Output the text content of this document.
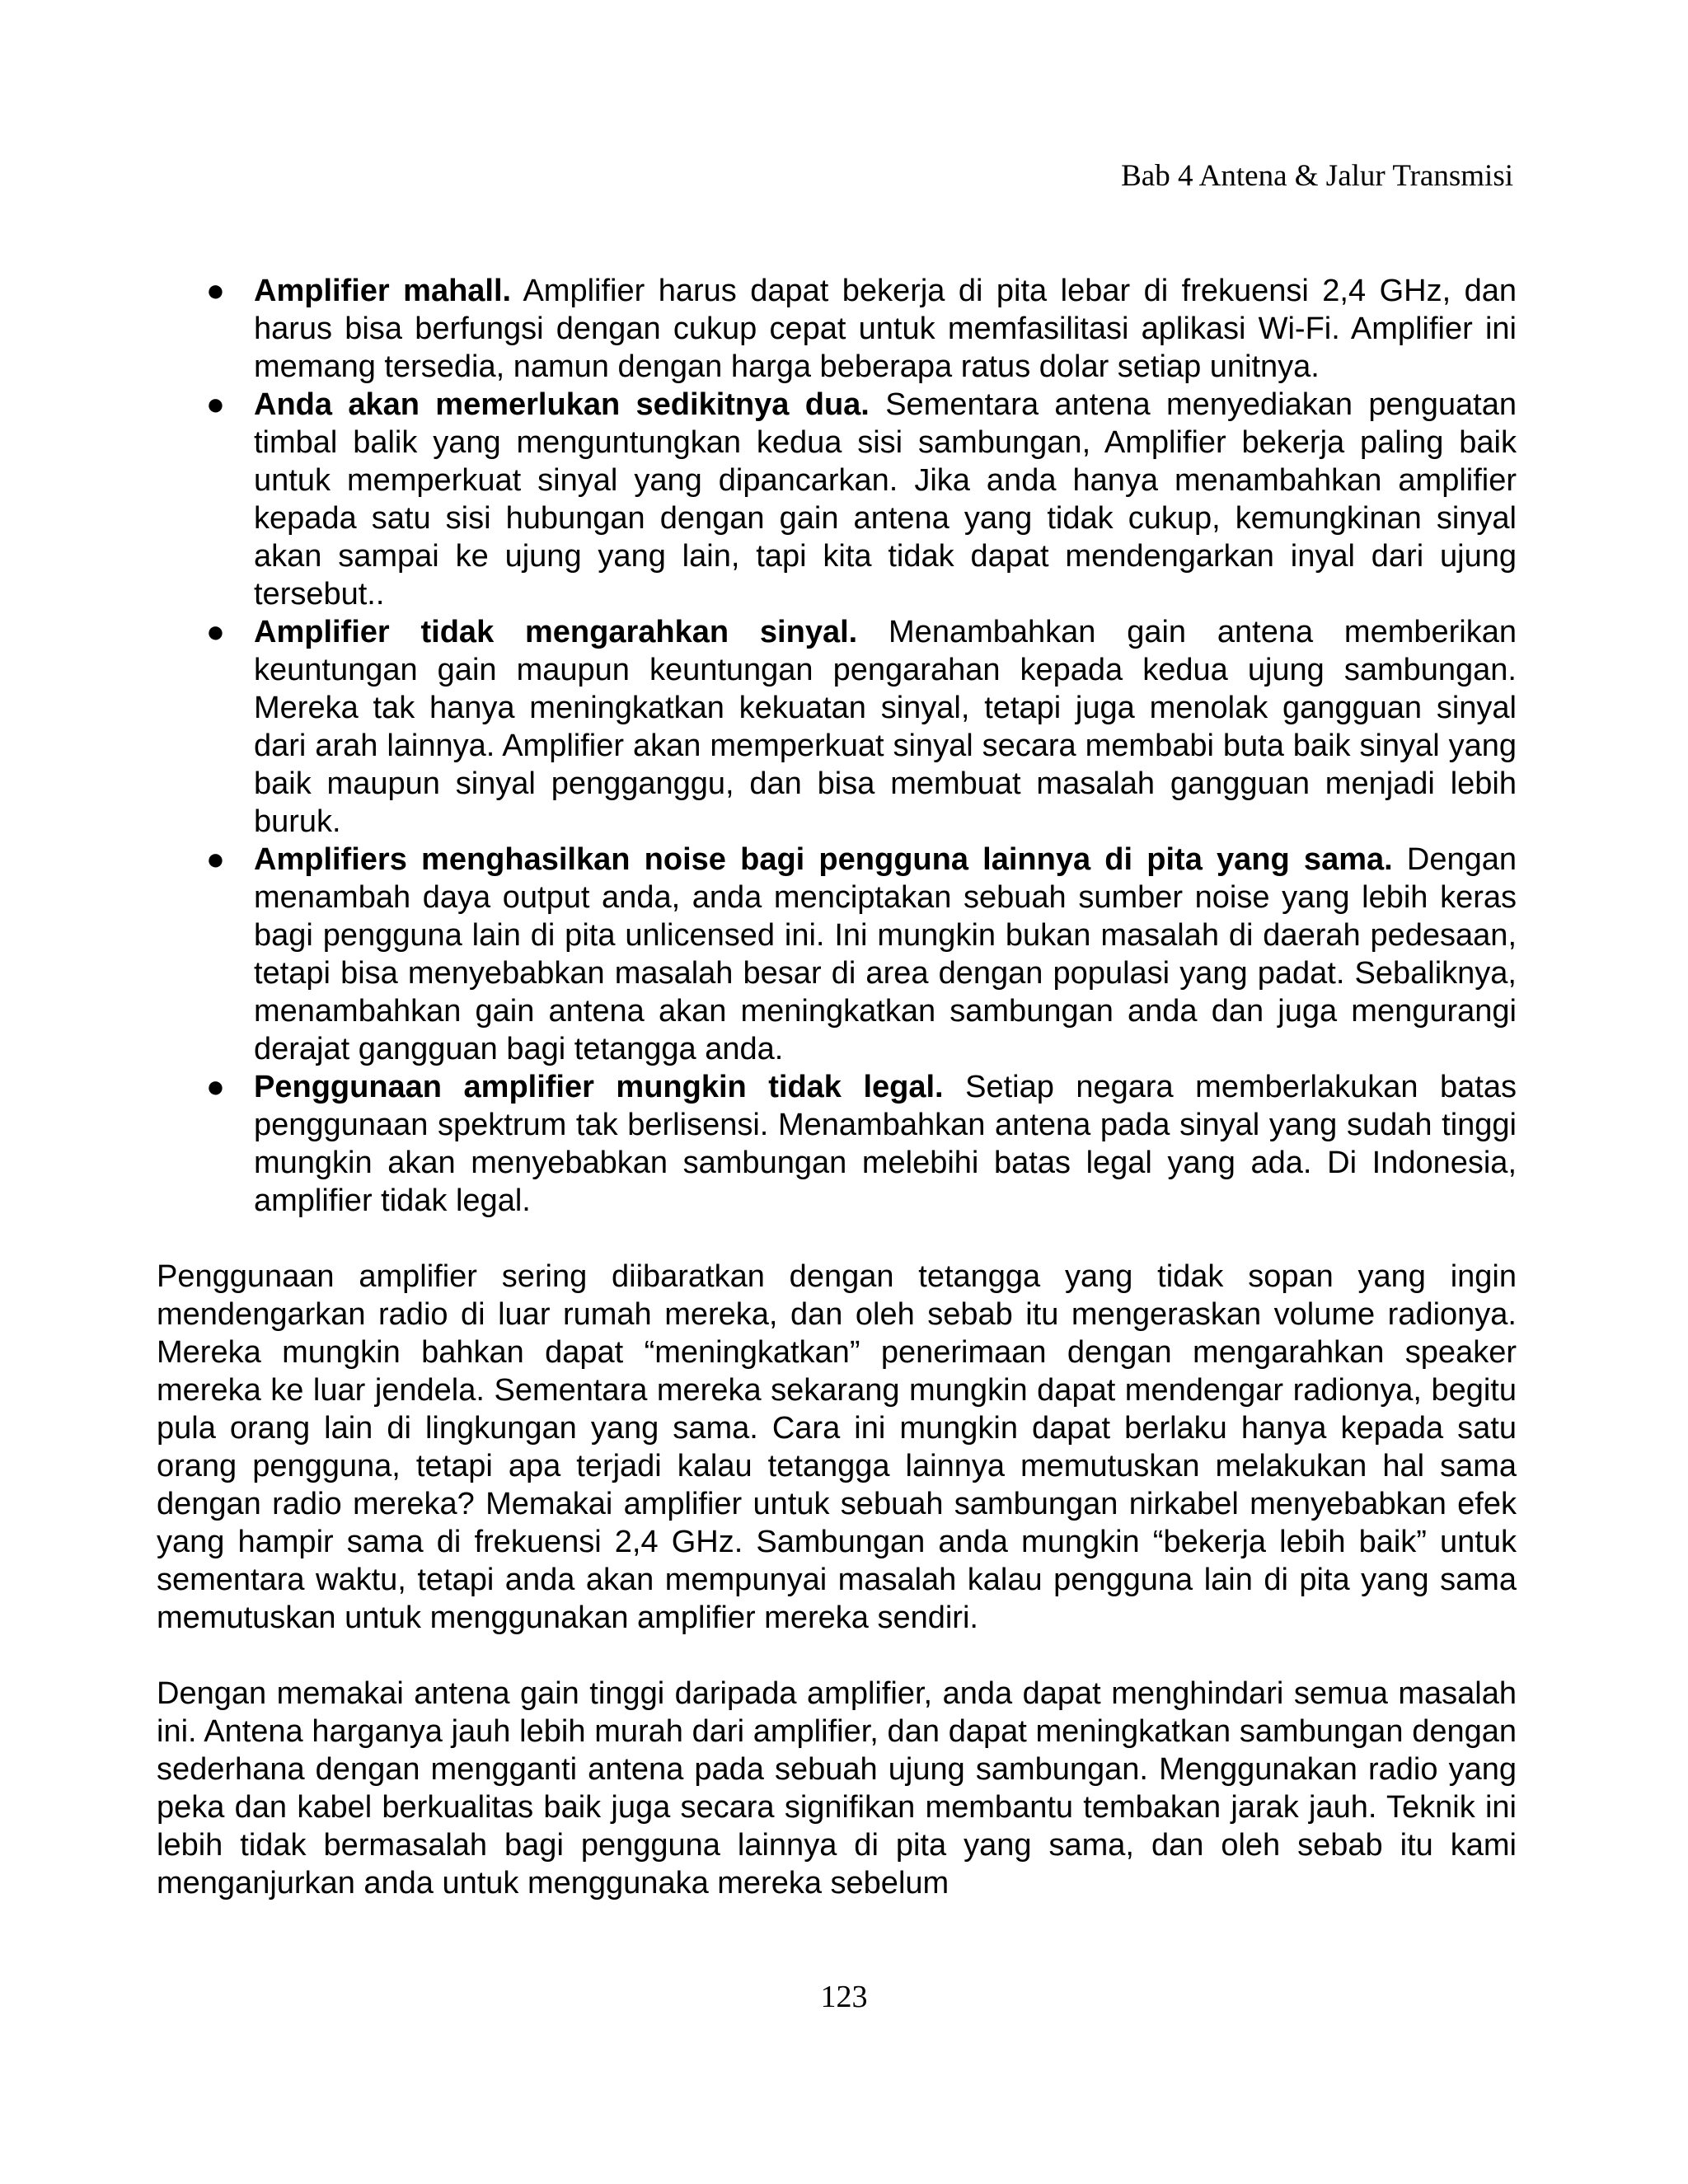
Bab 4 Antena & Jalur Transmisi
● Amplifier mahall. Amplifier harus dapat bekerja di pita lebar di frekuensi 2,4 GHz, dan harus bisa berfungsi dengan cukup cepat untuk memfasilitasi aplikasi Wi-Fi. Amplifier ini memang tersedia, namun dengan harga beberapa ratus dolar setiap unitnya.
● Anda akan memerlukan sedikitnya dua. Sementara antena menyediakan penguatan timbal balik yang menguntungkan kedua sisi sambungan, Amplifier bekerja paling baik untuk memperkuat sinyal yang dipancarkan. Jika anda hanya menambahkan amplifier kepada satu sisi hubungan dengan gain antena yang tidak cukup, kemungkinan sinyal akan sampai ke ujung yang lain, tapi kita tidak dapat mendengarkan inyal dari ujung tersebut..
● Amplifier tidak mengarahkan sinyal. Menambahkan gain antena memberikan keuntungan gain maupun keuntungan pengarahan kepada kedua ujung sambungan. Mereka tak hanya meningkatkan kekuatan sinyal, tetapi juga menolak gangguan sinyal dari arah lainnya. Amplifier akan memperkuat sinyal secara membabi buta baik sinyal yang baik maupun sinyal pengganggu, dan bisa membuat masalah gangguan menjadi lebih buruk.
● Amplifiers menghasilkan noise bagi pengguna lainnya di pita yang sama. Dengan menambah daya output anda, anda menciptakan sebuah sumber noise yang lebih keras bagi pengguna lain di pita unlicensed ini. Ini mungkin bukan masalah di daerah pedesaan, tetapi bisa menyebabkan masalah besar di area dengan populasi yang padat. Sebaliknya, menambahkan gain antena akan meningkatkan sambungan anda dan juga mengurangi derajat gangguan bagi tetangga anda.
● Penggunaan amplifier mungkin tidak legal. Setiap negara memberlakukan batas penggunaan spektrum tak berlisensi. Menambahkan antena pada sinyal yang sudah tinggi mungkin akan menyebabkan sambungan melebihi batas legal yang ada. Di Indonesia, amplifier tidak legal.

Penggunaan amplifier sering diibaratkan dengan tetangga yang tidak sopan yang ingin mendengarkan radio di luar rumah mereka, dan oleh sebab itu mengeraskan volume radionya. Mereka mungkin bahkan dapat “meningkatkan” penerimaan dengan mengarahkan speaker mereka ke luar jendela. Sementara mereka sekarang mungkin dapat mendengar radionya, begitu pula orang lain di lingkungan yang sama. Cara ini mungkin dapat berlaku hanya kepada satu orang pengguna, tetapi apa terjadi kalau tetangga lainnya memutuskan melakukan hal sama dengan radio mereka? Memakai amplifier untuk sebuah sambungan nirkabel menyebabkan efek yang hampir sama di frekuensi 2,4 GHz. Sambungan anda mungkin “bekerja lebih baik” untuk sementara waktu, tetapi anda akan mempunyai masalah kalau pengguna lain di pita yang sama memutuskan untuk menggunakan amplifier mereka sendiri.

Dengan memakai antena gain tinggi daripada amplifier, anda dapat menghindari semua masalah ini. Antena harganya jauh lebih murah dari amplifier, dan dapat meningkatkan sambungan dengan sederhana dengan mengganti antena pada sebuah ujung sambungan. Menggunakan radio yang peka dan kabel berkualitas baik juga secara signifikan membantu tembakan jarak jauh. Teknik ini lebih tidak bermasalah bagi pengguna lainnya di pita yang sama, dan oleh sebab itu kami menganjurkan anda untuk menggunaka mereka sebelum

123
